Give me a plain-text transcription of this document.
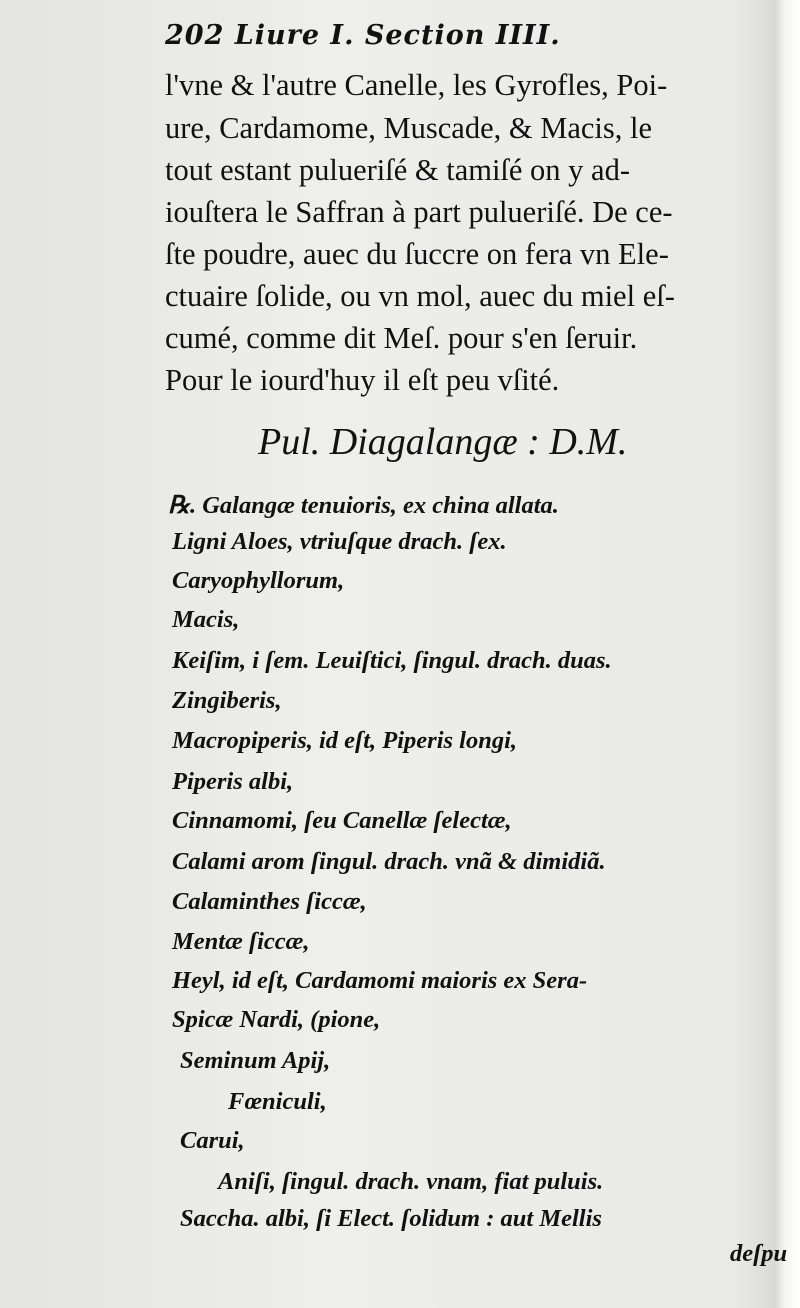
202 Liure I. Section IIII.
l'vne & l'autre Canelle, les Gyrofles, Poi-
ure, Cardamome, Muscade, & Macis, le
tout estant pulueriſé & tamiſé on y ad-
iouſtera le Saffran à part pulueriſé. De ce-
ſte poudre, auec du ſuccre on fera vn Ele-
ctuaire ſolide, ou vn mol, auec du miel eſ-
cumé, comme dit Meſ. pour s'en ſeruir.
Pour le iourd'huy il eſt peu vſité.
Pul. Diagalangæ : D.M.
℞. Galangæ tenuioris, ex china allata.
Ligni Aloes, vtriuſque drach. ſex.
Caryophyllorum,
Macis,
Keiſim, i ſem. Leuiſtici, ſingul. drach. duas.
Zingiberis,
Macropiperis, id eſt, Piperis longi,
Piperis albi,
Cinnamomi, ſeu Canellæ ſelectæ,
Calami arom ſingul. drach. vnã & dimidiã.
Calaminthes ſiccæ,
Mentæ ſiccæ,
Heyl, id eſt, Cardamomi maioris ex Sera-
Spicæ Nardi, (pione,
Seminum Apij,
Fœniculi,
Carui,
Aniſi, ſingul. drach. vnam, fiat puluis.
Saccha. albi, ſi Elect. ſolidum : aut Mellis
deſpu
